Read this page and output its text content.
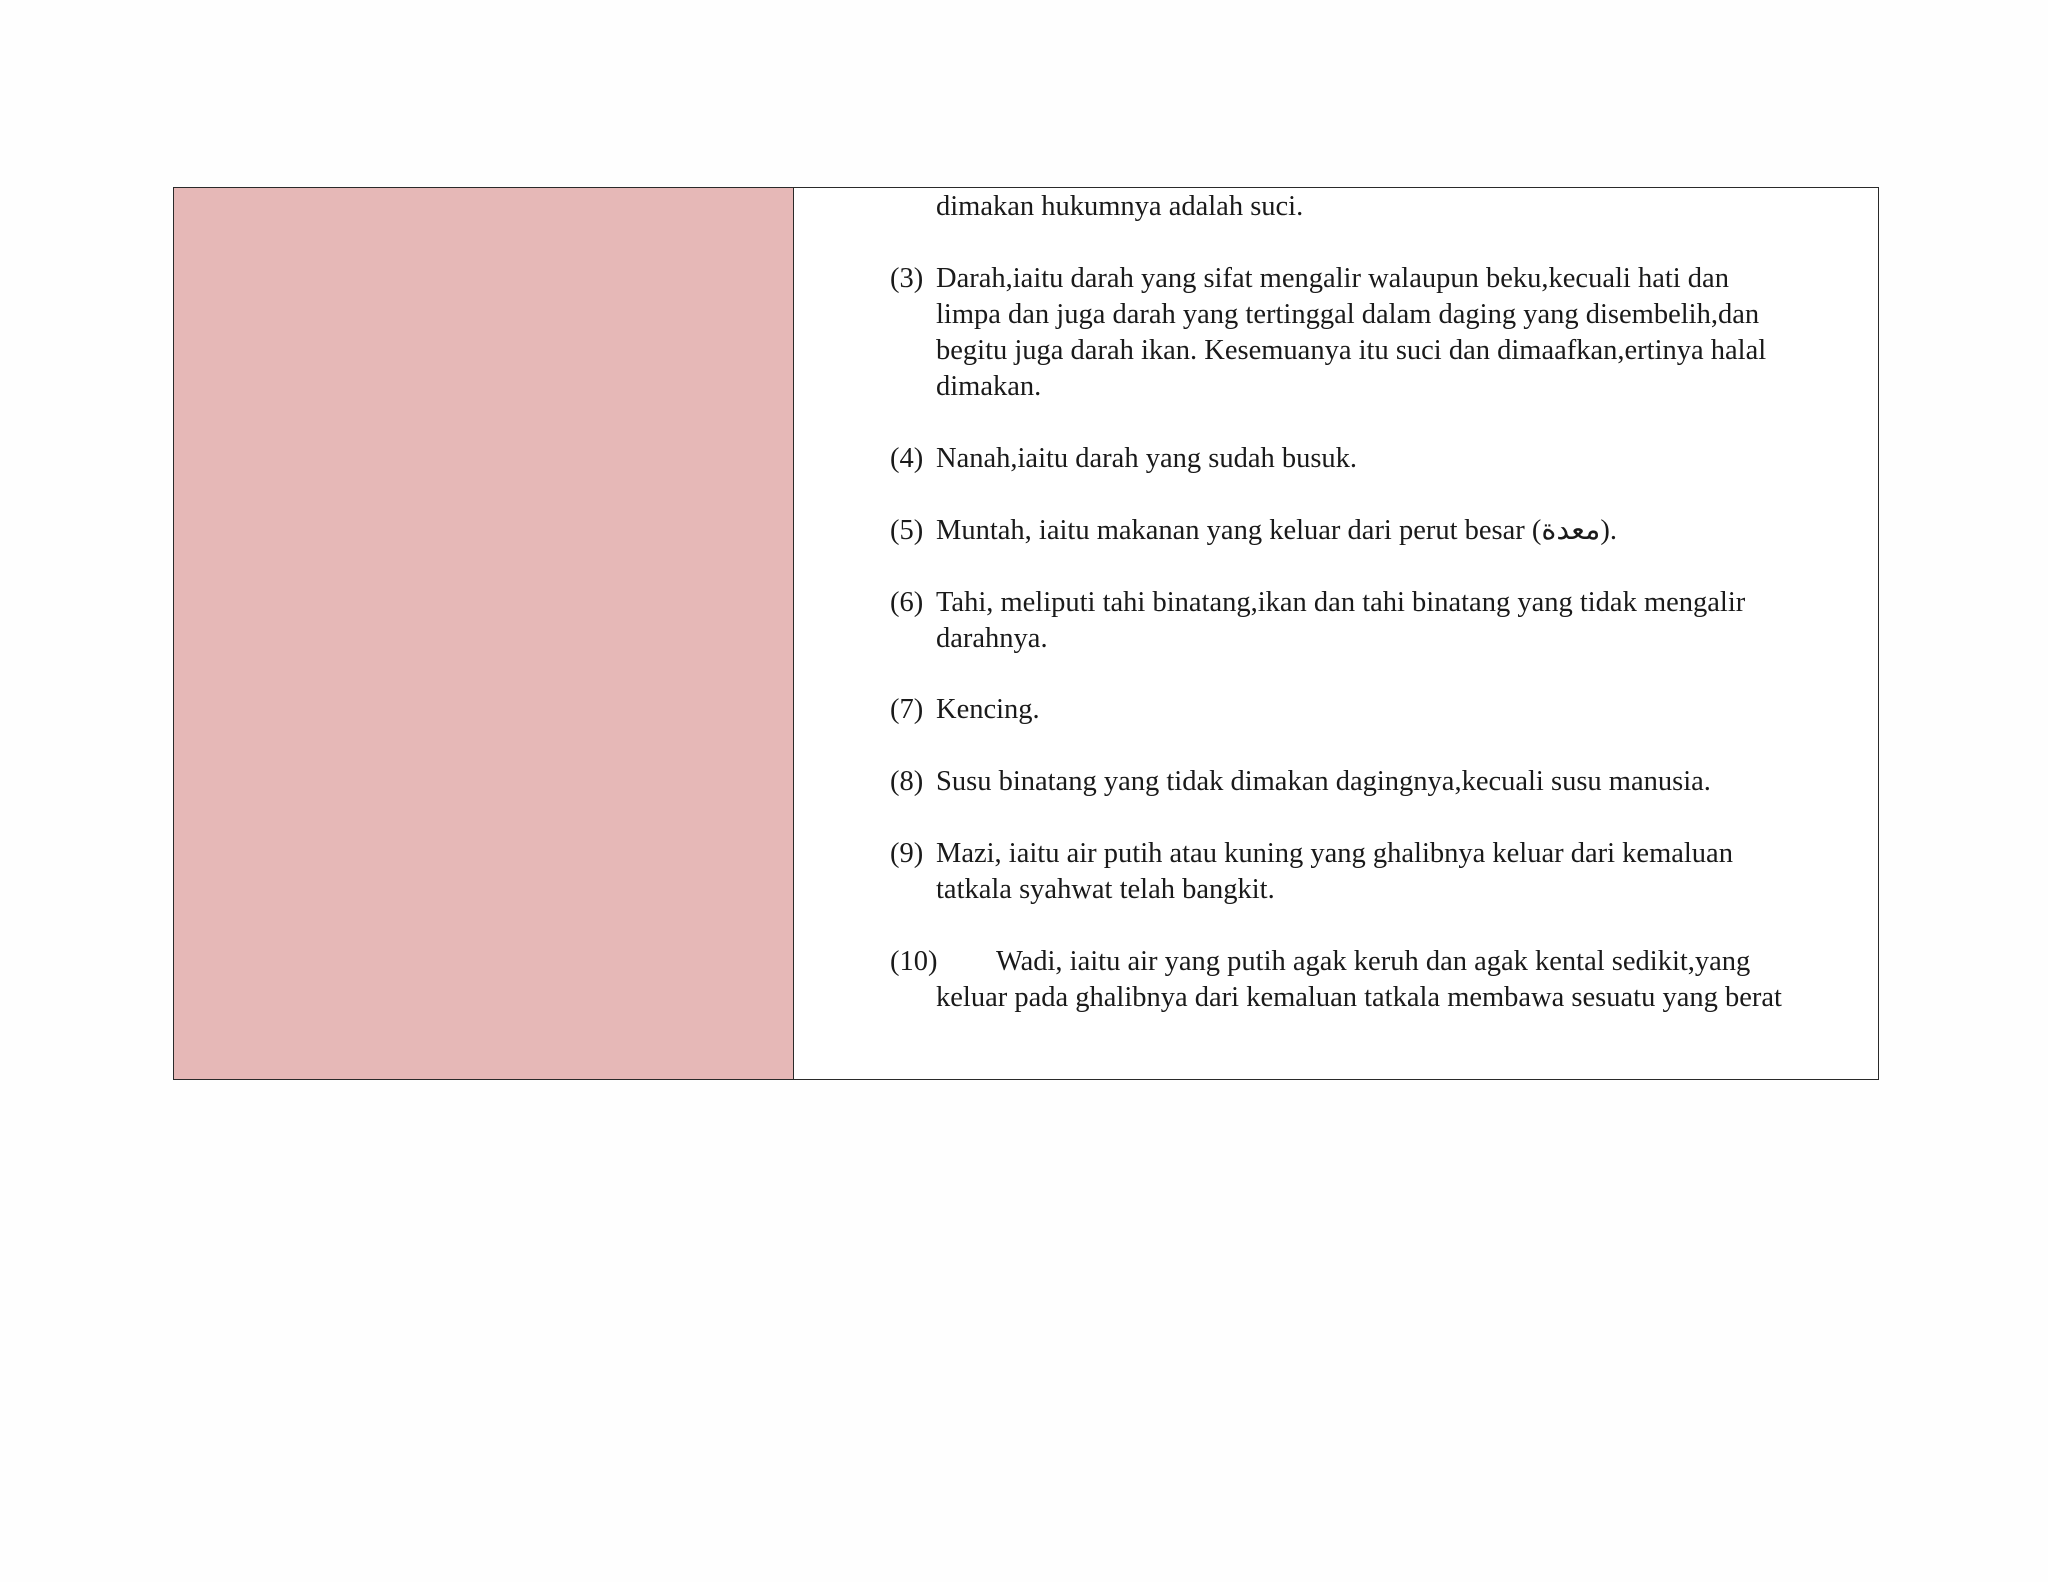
dimakan hukumnya adalah suci.
(3) Darah,iaitu darah yang sifat mengalir walaupun beku,kecuali hati dan
limpa dan juga darah yang tertinggal dalam daging yang disembelih,dan
begitu juga darah ikan. Kesemuanya itu suci dan dimaafkan,ertinya halal
dimakan.
(4) Nanah,iaitu darah yang sudah busuk.
(5) Muntah, iaitu makanan yang keluar dari perut besar (معدة).
(6) Tahi, meliputi tahi binatang,ikan dan tahi binatang yang tidak mengalir
darahnya.
(7) Kencing.
(8) Susu binatang yang tidak dimakan dagingnya,kecuali susu manusia.
(9) Mazi, iaitu air putih atau kuning yang ghalibnya keluar dari kemaluan
tatkala syahwat telah bangkit.
(10) Wadi, iaitu air yang putih agak keruh dan agak kental sedikit,yang
keluar pada ghalibnya dari kemaluan tatkala membawa sesuatu yang berat
